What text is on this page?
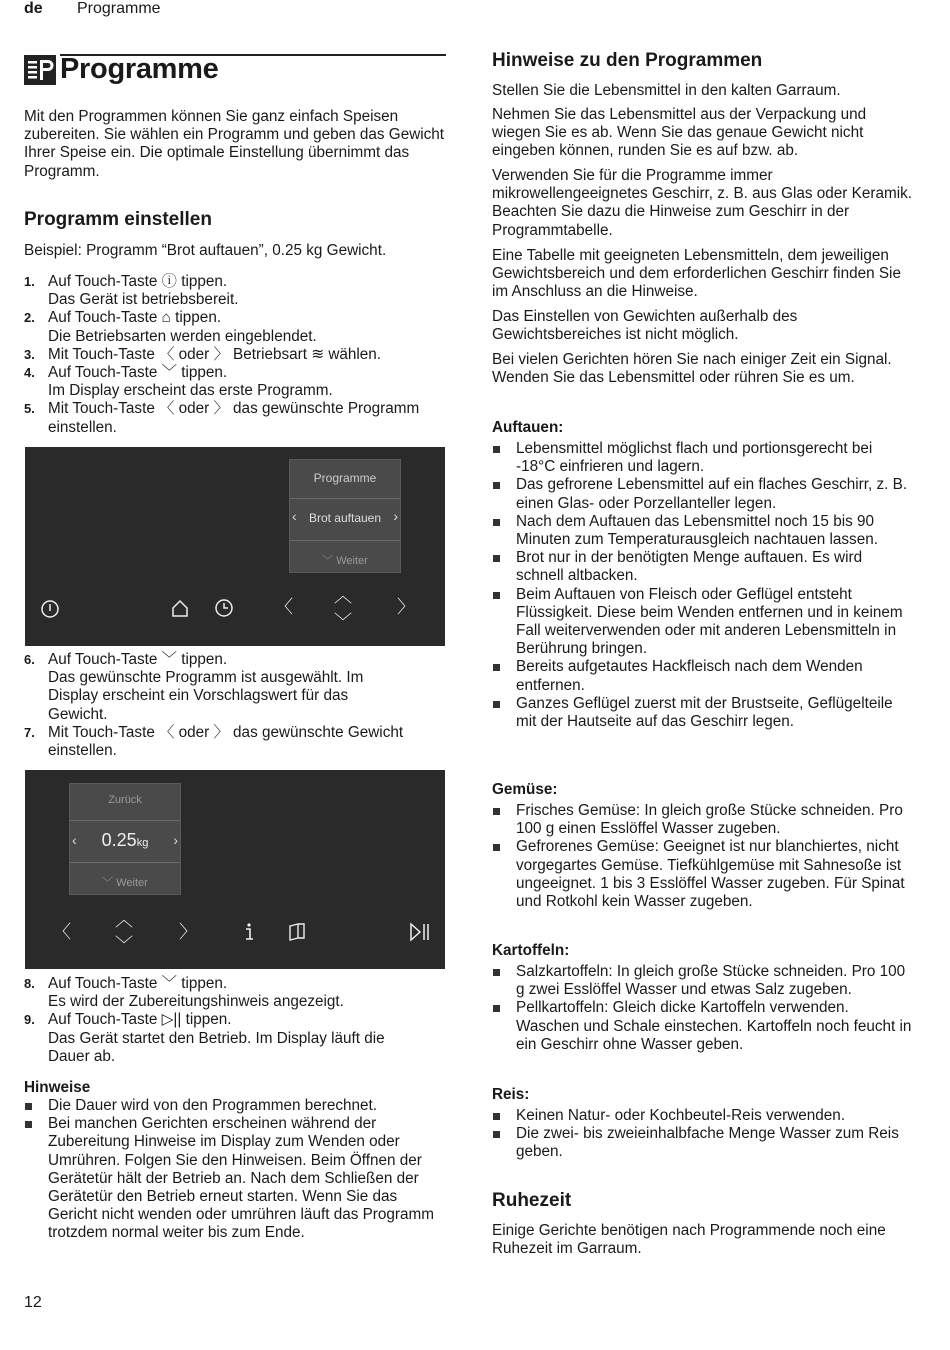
de Programme
Programme

Mit den Programmen können Sie ganz einfach Speisen zubereiten. Sie wählen ein Programm und geben das Gewicht Ihrer Speise ein. Die optimale Einstellung übernimmt das Programm.

Programm einstellen

Beispiel: Programm “Brot auftauen”, 0.25 kg Gewicht.

1. Auf Touch-Taste ⓘ tippen.
Das Gerät ist betriebsbereit.
2. Auf Touch-Taste ⌂ tippen.
Die Betriebsarten werden eingeblendet.
3. Mit Touch-Taste 〈 oder 〉 Betriebsart ≋ wählen.
4. Auf Touch-Taste ﹀ tippen.
Im Display erscheint das erste Programm.
5. Mit Touch-Taste 〈 oder 〉 das gewünschte Programm
einstellen.
Programme
Brot auftauen
‹	›
﹀ Weiter
〈
︿
﹀
〉
6. Auf Touch-Taste ﹀ tippen.
Das gewünschte Programm ist ausgewählt. Im
Display erscheint ein Vorschlagswert für das
Gewicht.
7. Mit Touch-Taste 〈 oder 〉 das gewünschte Gewicht
einstellen.
Zurück
0.25kg
‹	›
﹀ Weiter
〈
︿
﹀
〉
8. Auf Touch-Taste ﹀ tippen.
Es wird der Zubereitungshinweis angezeigt.
9. Auf Touch-Taste ▷|| tippen.
Das Gerät startet den Betrieb. Im Display läuft die
Dauer ab.
Hinweise
Die Dauer wird von den Programmen berechnet.
Bei manchen Gerichten erscheinen während der Zubereitung Hinweise im Display zum Wenden oder Umrühren. Folgen Sie den Hinweisen. Beim Öffnen der Gerätetür hält der Betrieb an. Nach dem Schließen der Gerätetür den Betrieb erneut starten. Wenn Sie das Gericht nicht wenden oder umrühren läuft das Programm trotzdem normal weiter bis zum Ende.
Hinweise zu den Programmen

Stellen Sie die Lebensmittel in den kalten Garraum.

Nehmen Sie das Lebensmittel aus der Verpackung und wiegen Sie es ab. Wenn Sie das genaue Gewicht nicht eingeben können, runden Sie es auf bzw. ab.

Verwenden Sie für die Programme immer mikrowellengeeignetes Geschirr, z. B. aus Glas oder Keramik. Beachten Sie dazu die Hinweise zum Geschirr in der Programmtabelle.

Eine Tabelle mit geeigneten Lebensmitteln, dem jeweiligen Gewichtsbereich und dem erforderlichen Geschirr finden Sie im Anschluss an die Hinweise.

Das Einstellen von Gewichten außerhalb des Gewichtsbereiches ist nicht möglich.

Bei vielen Gerichten hören Sie nach einiger Zeit ein Signal. Wenden Sie das Lebensmittel oder rühren Sie es um.

Auftauen:
Lebensmittel möglichst flach und portionsgerecht bei -18°C einfrieren und lagern.
Das gefrorene Lebensmittel auf ein flaches Geschirr, z. B. einen Glas- oder Porzellanteller legen.
Nach dem Auftauen das Lebensmittel noch 15 bis 90 Minuten zum Temperaturausgleich nachtauen lassen.
Brot nur in der benötigten Menge auftauen. Es wird schnell altbacken.
Beim Auftauen von Fleisch oder Geflügel entsteht Flüssigkeit. Diese beim Wenden entfernen und in keinem Fall weiterverwenden oder mit anderen Lebensmitteln in Berührung bringen.
Bereits aufgetautes Hackfleisch nach dem Wenden entfernen.
Ganzes Geflügel zuerst mit der Brustseite, Geflügelteile mit der Hautseite auf das Geschirr legen.
Gemüse:
Frisches Gemüse: In gleich große Stücke schneiden. Pro 100 g einen Esslöffel Wasser zugeben.
Gefrorenes Gemüse: Geeignet ist nur blanchiertes, nicht vorgegartes Gemüse. Tiefkühlgemüse mit Sahnesoße ist ungeeignet. 1 bis 3 Esslöffel Wasser zugeben. Für Spinat und Rotkohl kein Wasser zugeben.
Kartoffeln:
Salzkartoffeln: In gleich große Stücke schneiden. Pro 100 g zwei Esslöffel Wasser und etwas Salz zugeben.
Pellkartoffeln: Gleich dicke Kartoffeln verwenden. Waschen und Schale einstechen. Kartoffeln noch feucht in ein Geschirr ohne Wasser geben.
Reis:
Keinen Natur- oder Kochbeutel-Reis verwenden.
Die zwei- bis zweieinhalbfache Menge Wasser zum Reis geben.
Ruhezeit

Einige Gerichte benötigen nach Programmende noch eine Ruhezeit im Garraum.

12
